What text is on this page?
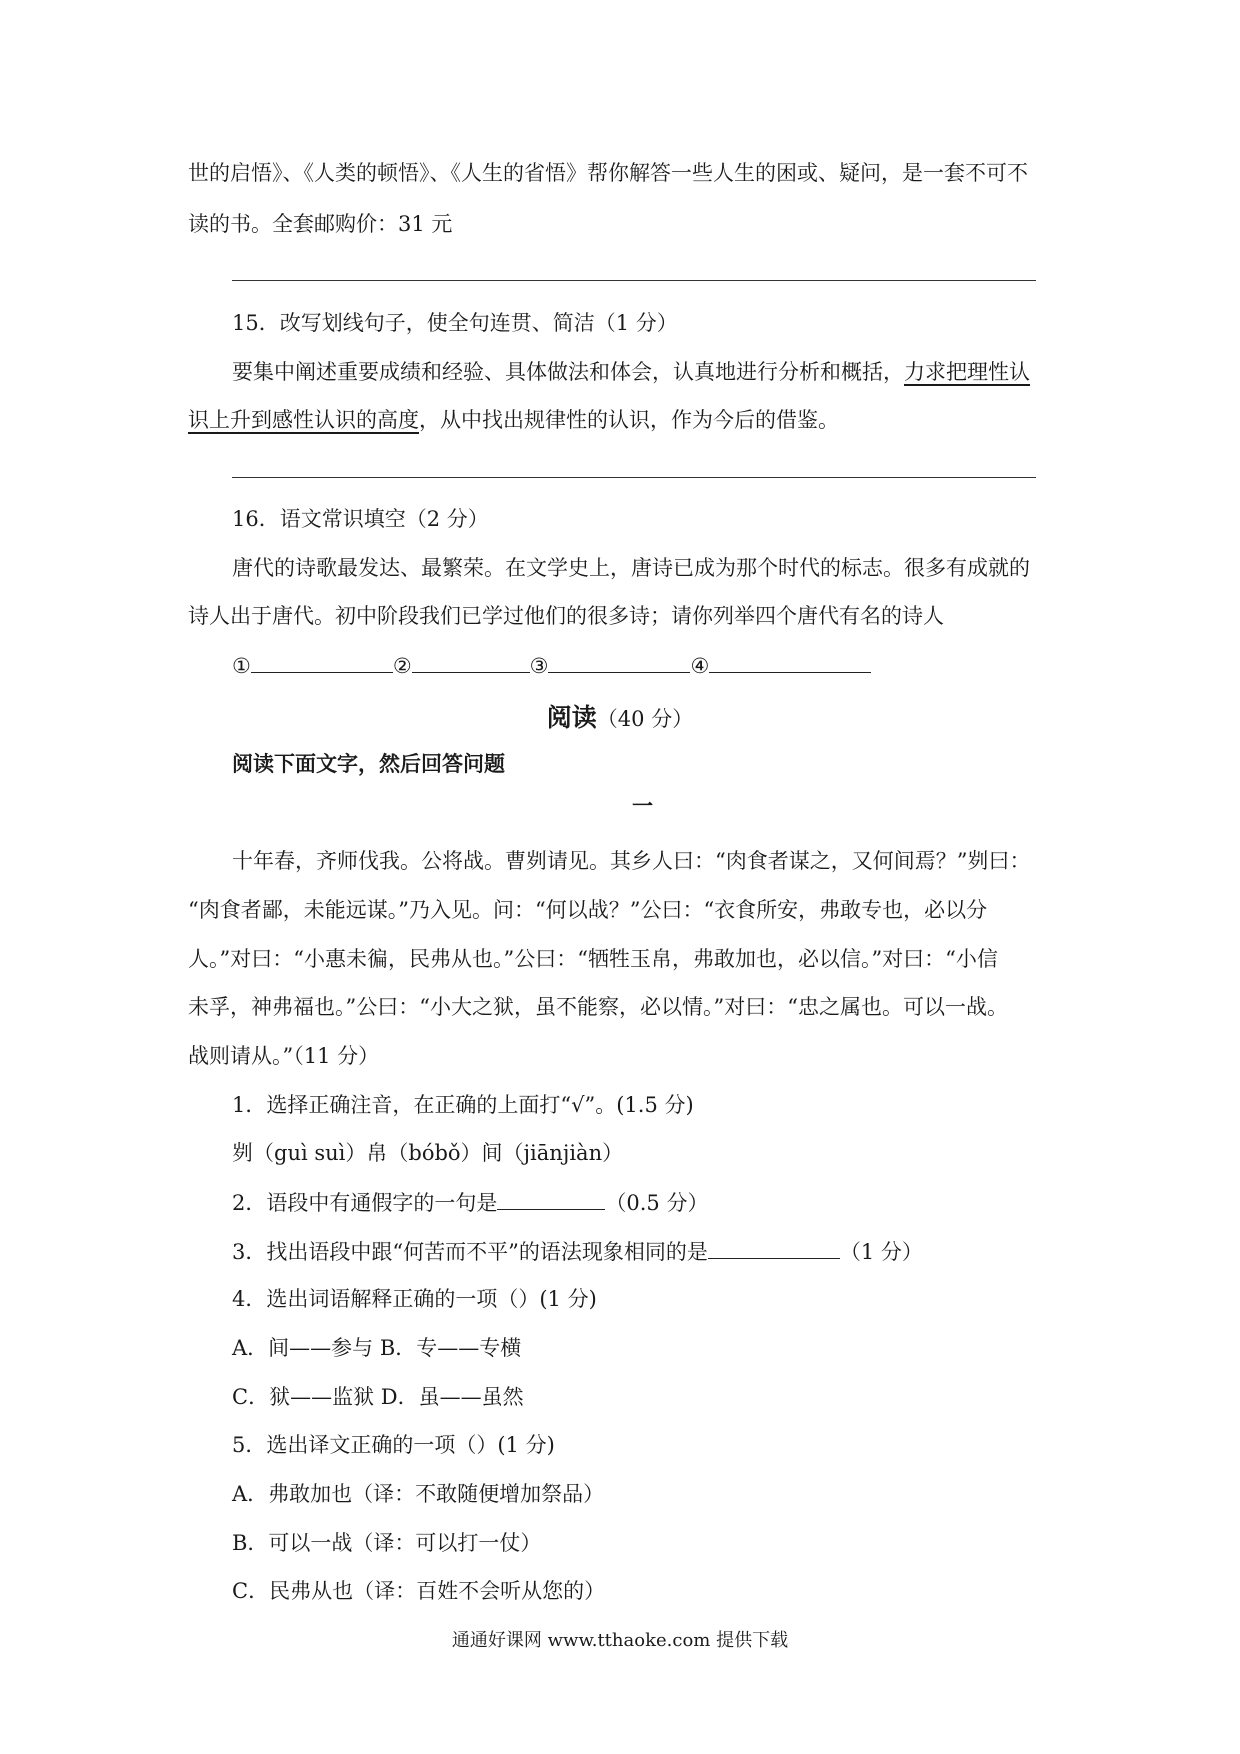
世的启悟》、《人类的顿悟》、《人生的省悟》帮你解答一些人生的困或、疑问，是一套不可不
读的书。全套邮购价：31 元
15．改写划线句子，使全句连贯、简洁（1 分）
要集中阐述重要成绩和经验、具体做法和体会，认真地进行分析和概括，力求把理性认
识上升到感性认识的高度，从中找出规律性的认识，作为今后的借鉴。
16．语文常识填空（2 分）
唐代的诗歌最发达、最繁荣。在文学史上，唐诗已成为那个时代的标志。很多有成就的
诗人出于唐代。初中阶段我们已学过他们的很多诗；请你列举四个唐代有名的诗人
①	②	③	④
阅读（40 分）
阅读下面文字，然后回答问题
一
十年春，齐师伐我。公将战。曹刿请见。其乡人曰：“肉食者谋之，又何间焉？”刿曰：
“肉食者鄙，未能远谋。”乃入见。问：“何以战？”公曰：“衣食所安，弗敢专也，必以分
人。”对曰：“小惠未徧，民弗从也。”公曰：“牺牲玉帛，弗敢加也，必以信。”对曰：“小信
未孚，神弗福也。”公曰：“小大之狱，虽不能察，必以情。”对曰：“忠之属也。可以一战。
战则请从。”（11 分）
1．选择正确注音，在正确的上面打“√”。(1.5 分)
刿（guì suì）帛（bóbǒ）间（jiānjiàn）
2．语段中有通假字的一句是	（0.5 分）
3．找出语段中跟“何苦而不平”的语法现象相同的是	（1 分）
4．选出词语解释正确的一项（）(1 分)
A．间——参与 B．专——专横
C．狱——监狱 D．虽——虽然
5．选出译文正确的一项（）(1 分)
A．弗敢加也（译：不敢随便增加祭品）
B．可以一战（译：可以打一仗）
C．民弗从也（译：百姓不会听从您的）
通通好课网 www.tthaoke.com 提供下载
